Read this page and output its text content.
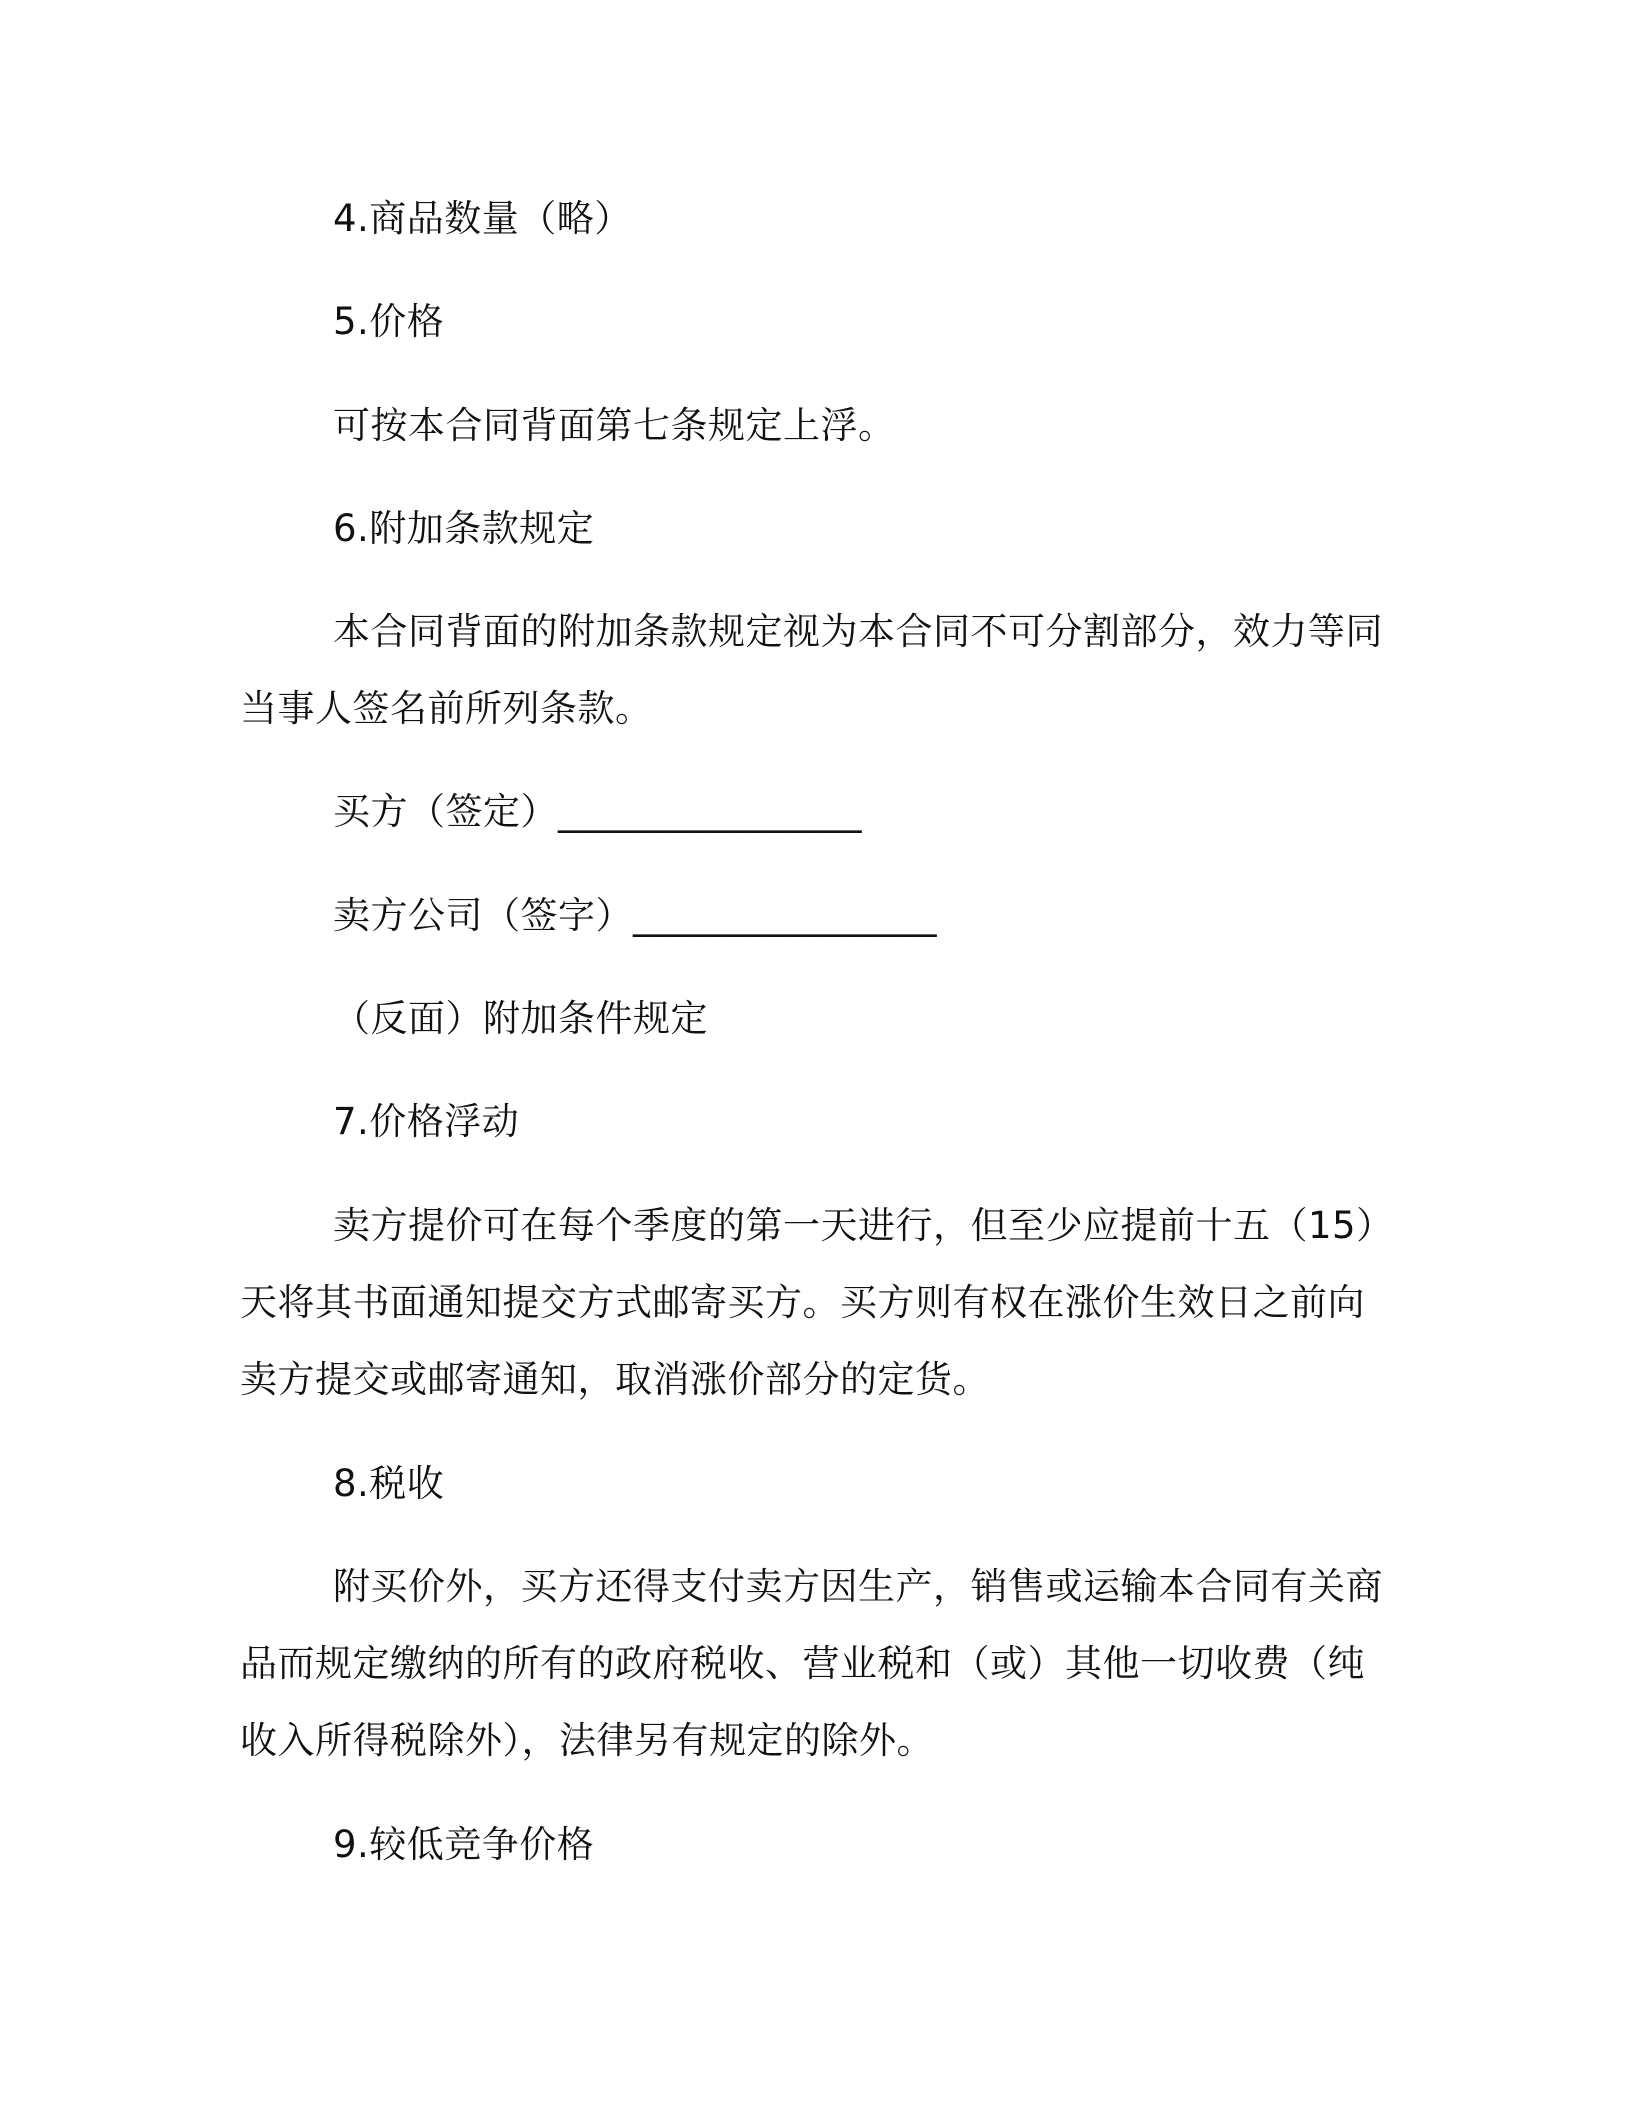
4.商品数量（略）
5.价格
可按本合同背面第七条规定上浮。
6.附加条款规定
本合同背面的附加条款规定视为本合同不可分割部分，效力等同
当事人签名前所列条款。
买方（签定）________________
卖方公司（签字）________________
（反面）附加条件规定
7.价格浮动
卖方提价可在每个季度的第一天进行，但至少应提前十五（15）
天将其书面通知提交方式邮寄买方。买方则有权在涨价生效日之前向
卖方提交或邮寄通知，取消涨价部分的定货。
8.税收
附买价外，买方还得支付卖方因生产，销售或运输本合同有关商
品而规定缴纳的所有的政府税收、营业税和（或）其他一切收费（纯
收入所得税除外），法律另有规定的除外。
9.较低竞争价格
